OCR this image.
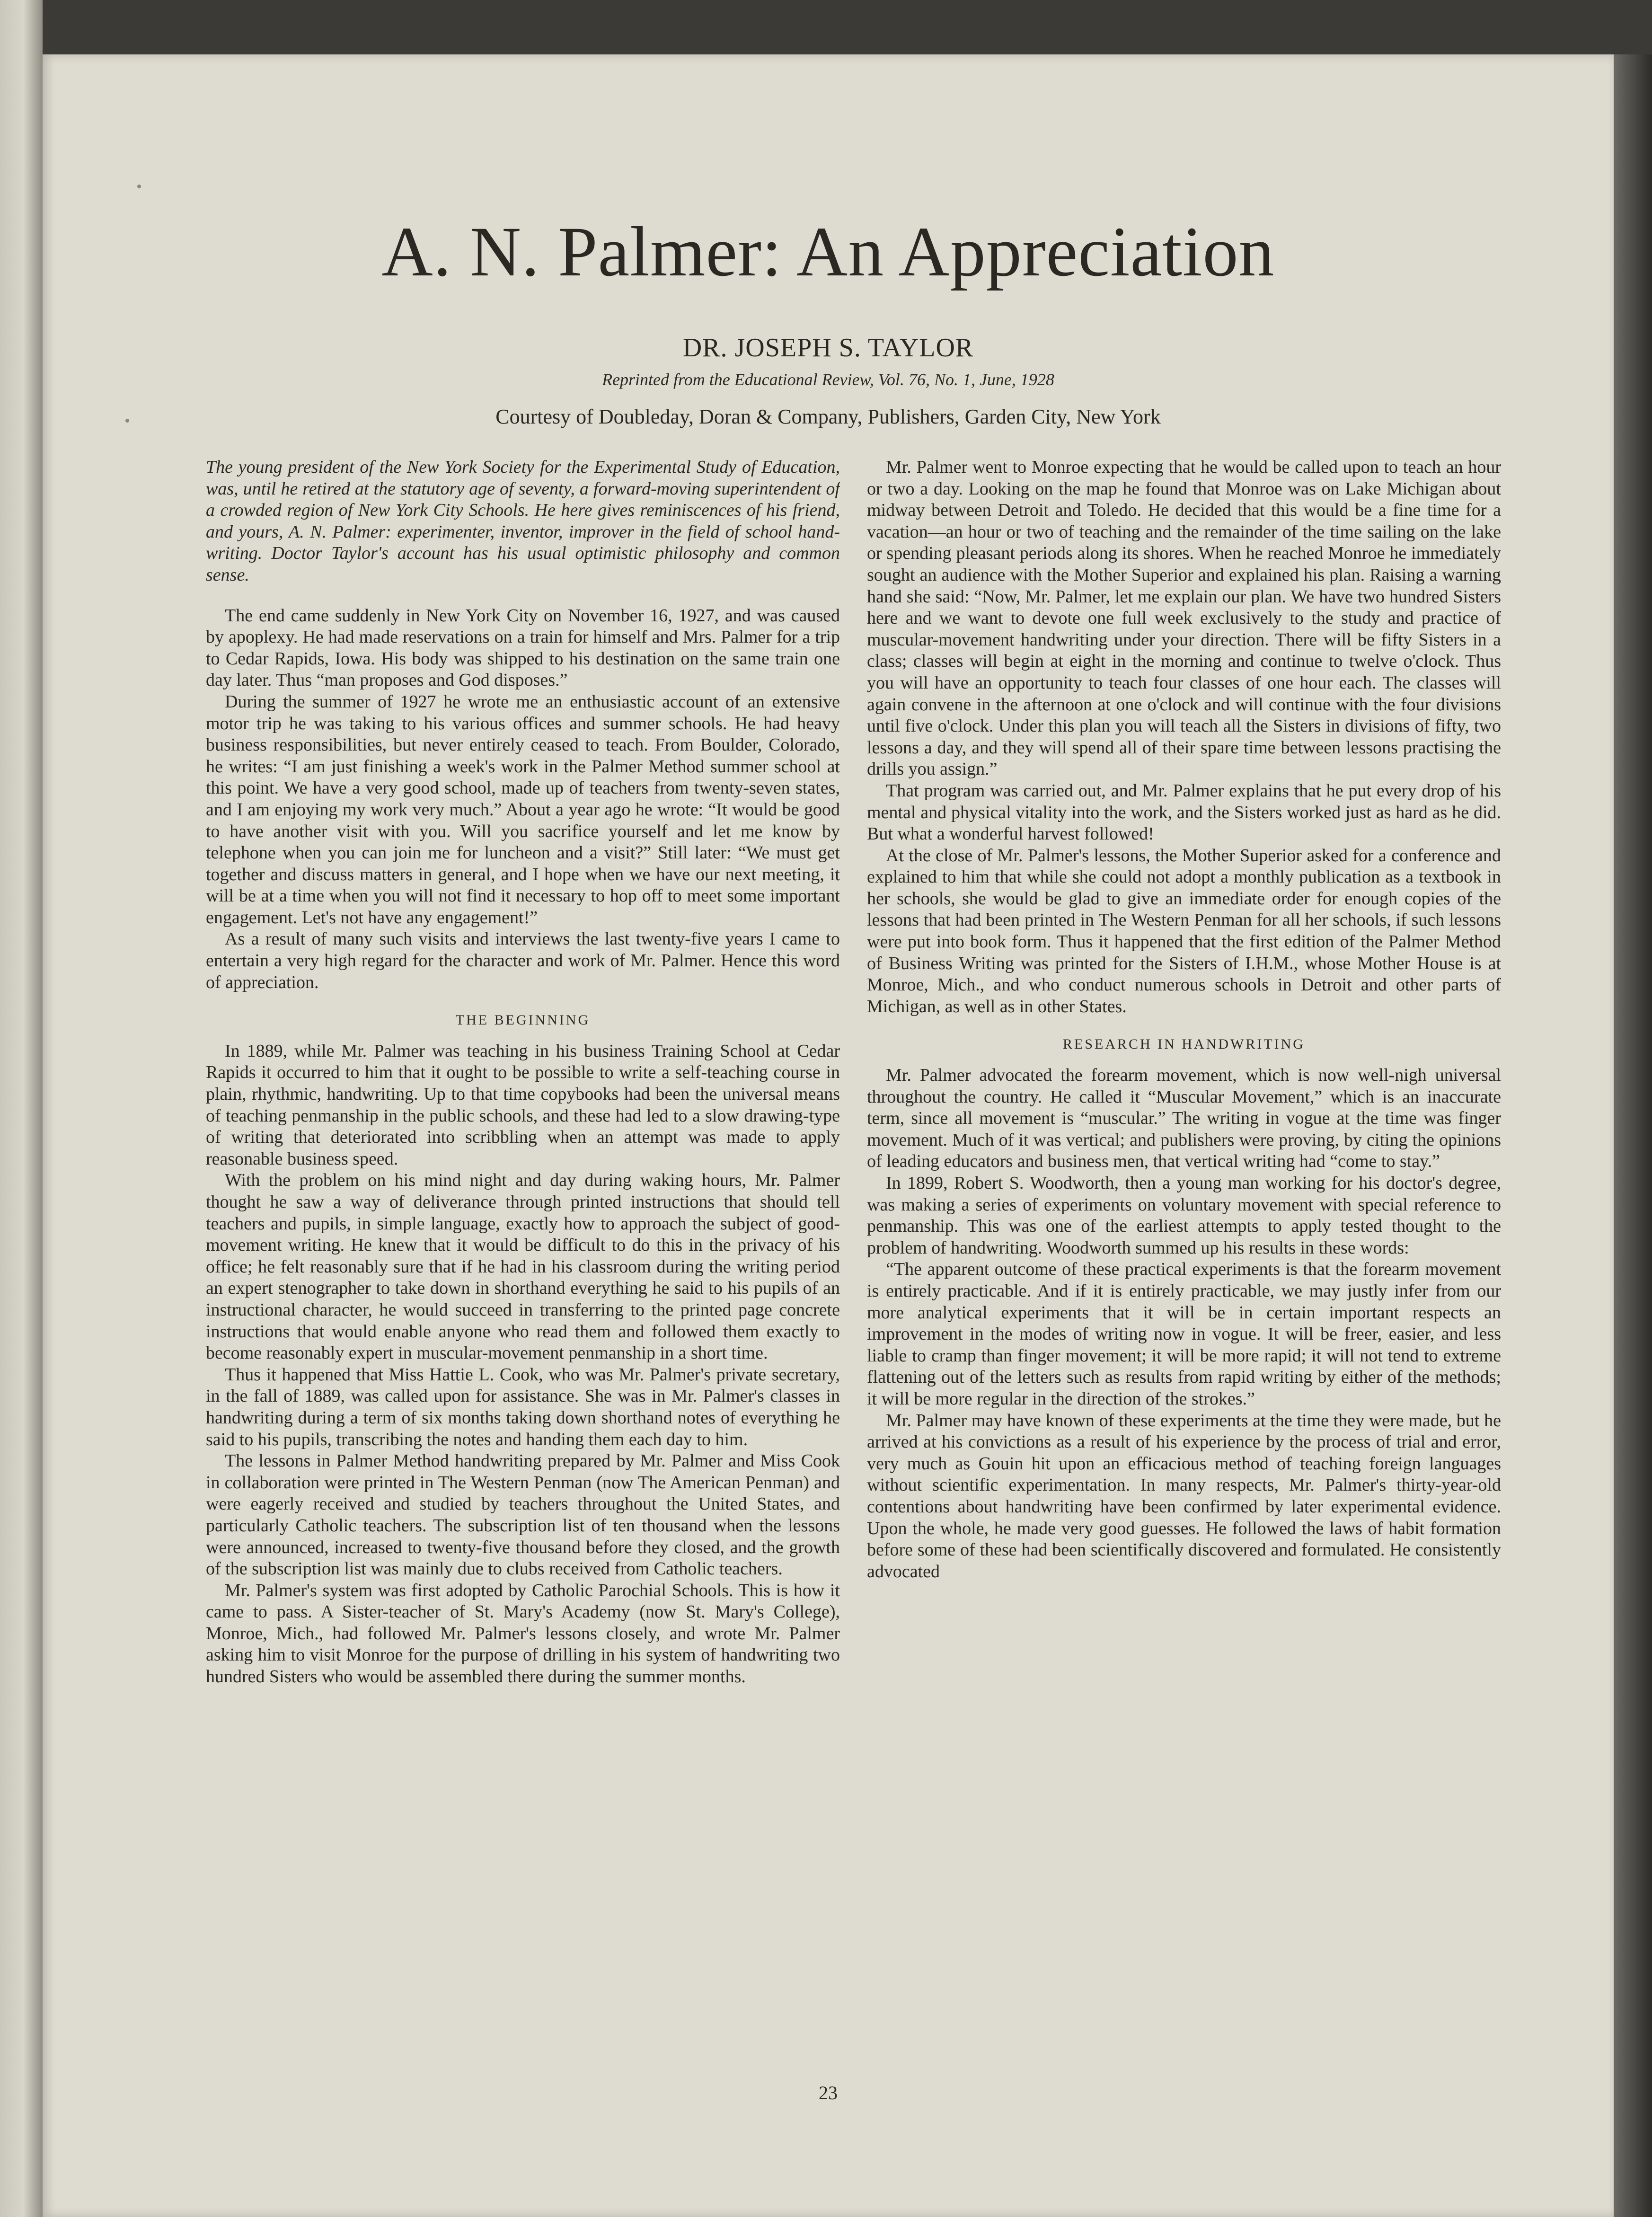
A. N. Palmer: An Appreciation

DR. JOSEPH S. TAYLOR

Reprinted from the Educational Review, Vol. 76, No. 1, June, 1928

Courtesy of Doubleday, Doran & Company, Publishers, Garden City, New York

The young president of the New York Society for the Experimental Study of Education, was, until he retired at the statutory age of seventy, a forward-moving superintendent of a crowded region of New York City Schools. He here gives reminiscences of his friend, and yours, A. N. Palmer: experimenter, inventor, improver in the field of school hand-writing. Doctor Taylor's account has his usual optimistic philosophy and common sense.

The end came suddenly in New York City on November 16, 1927, and was caused by apoplexy. He had made reservations on a train for himself and Mrs. Palmer for a trip to Cedar Rapids, Iowa. His body was shipped to his destination on the same train one day later. Thus “man proposes and God disposes.”

During the summer of 1927 he wrote me an enthusiastic account of an extensive motor trip he was taking to his various offices and summer schools. He had heavy business responsibilities, but never entirely ceased to teach. From Boulder, Colorado, he writes: “I am just finishing a week's work in the Palmer Method summer school at this point. We have a very good school, made up of teachers from twenty-seven states, and I am enjoying my work very much.” About a year ago he wrote: “It would be good to have another visit with you. Will you sacrifice yourself and let me know by telephone when you can join me for luncheon and a visit?” Still later: “We must get together and discuss matters in general, and I hope when we have our next meeting, it will be at a time when you will not find it necessary to hop off to meet some important engagement. Let's not have any engagement!”

As a result of many such visits and interviews the last twenty-five years I came to entertain a very high regard for the character and work of Mr. Palmer. Hence this word of appreciation.

THE BEGINNING

In 1889, while Mr. Palmer was teaching in his business Training School at Cedar Rapids it occurred to him that it ought to be possible to write a self-teaching course in plain, rhythmic, handwriting. Up to that time copybooks had been the universal means of teaching penmanship in the public schools, and these had led to a slow drawing-type of writing that deteriorated into scribbling when an attempt was made to apply reasonable business speed.

With the problem on his mind night and day during waking hours, Mr. Palmer thought he saw a way of deliverance through printed instructions that should tell teachers and pupils, in simple language, exactly how to approach the subject of good-movement writing. He knew that it would be difficult to do this in the privacy of his office; he felt reasonably sure that if he had in his classroom during the writing period an expert stenographer to take down in shorthand everything he said to his pupils of an instructional character, he would succeed in transferring to the printed page concrete instructions that would enable anyone who read them and followed them exactly to become reasonably expert in muscular-movement penmanship in a short time.

Thus it happened that Miss Hattie L. Cook, who was Mr. Palmer's private secretary, in the fall of 1889, was called upon for assistance. She was in Mr. Palmer's classes in handwriting during a term of six months taking down shorthand notes of everything he said to his pupils, transcribing the notes and handing them each day to him.

The lessons in Palmer Method handwriting prepared by Mr. Palmer and Miss Cook in collaboration were printed in The Western Penman (now The American Penman) and were eagerly received and studied by teachers throughout the United States, and particularly Catholic teachers. The subscription list of ten thousand when the lessons were announced, increased to twenty-five thousand before they closed, and the growth of the subscription list was mainly due to clubs received from Catholic teachers.

Mr. Palmer's system was first adopted by Catholic Parochial Schools. This is how it came to pass. A Sister-teacher of St. Mary's Academy (now St. Mary's College), Monroe, Mich., had followed Mr. Palmer's lessons closely, and wrote Mr. Palmer asking him to visit Monroe for the purpose of drilling in his system of handwriting two hundred Sisters who would be assembled there during the summer months.

Mr. Palmer went to Monroe expecting that he would be called upon to teach an hour or two a day. Looking on the map he found that Monroe was on Lake Michigan about midway between Detroit and Toledo. He decided that this would be a fine time for a vacation—an hour or two of teaching and the remainder of the time sailing on the lake or spending pleasant periods along its shores. When he reached Monroe he immediately sought an audience with the Mother Superior and explained his plan. Raising a warning hand she said: “Now, Mr. Palmer, let me explain our plan. We have two hundred Sisters here and we want to devote one full week exclusively to the study and practice of muscular-movement handwriting under your direction. There will be fifty Sisters in a class; classes will begin at eight in the morning and continue to twelve o'clock. Thus you will have an opportunity to teach four classes of one hour each. The classes will again convene in the afternoon at one o'clock and will continue with the four divisions until five o'clock. Under this plan you will teach all the Sisters in divisions of fifty, two lessons a day, and they will spend all of their spare time between lessons practising the drills you assign.”

That program was carried out, and Mr. Palmer explains that he put every drop of his mental and physical vitality into the work, and the Sisters worked just as hard as he did. But what a wonderful harvest followed!

At the close of Mr. Palmer's lessons, the Mother Superior asked for a conference and explained to him that while she could not adopt a monthly publication as a textbook in her schools, she would be glad to give an immediate order for enough copies of the lessons that had been printed in The Western Penman for all her schools, if such lessons were put into book form. Thus it happened that the first edition of the Palmer Method of Business Writing was printed for the Sisters of I.H.M., whose Mother House is at Monroe, Mich., and who conduct numerous schools in Detroit and other parts of Michigan, as well as in other States.

RESEARCH IN HANDWRITING

Mr. Palmer advocated the forearm movement, which is now well-nigh universal throughout the country. He called it “Muscular Movement,” which is an inaccurate term, since all movement is “muscular.” The writing in vogue at the time was finger movement. Much of it was vertical; and publishers were proving, by citing the opinions of leading educators and business men, that vertical writing had “come to stay.”

In 1899, Robert S. Woodworth, then a young man working for his doctor's degree, was making a series of experiments on voluntary movement with special reference to penmanship. This was one of the earliest attempts to apply tested thought to the problem of handwriting. Woodworth summed up his results in these words:

“The apparent outcome of these practical experiments is that the forearm movement is entirely practicable. And if it is entirely practicable, we may justly infer from our more analytical experiments that it will be in certain important respects an improvement in the modes of writing now in vogue. It will be freer, easier, and less liable to cramp than finger movement; it will be more rapid; it will not tend to extreme flattening out of the letters such as results from rapid writing by either of the methods; it will be more regular in the direction of the strokes.”

Mr. Palmer may have known of these experiments at the time they were made, but he arrived at his convictions as a result of his experience by the process of trial and error, very much as Gouin hit upon an efficacious method of teaching foreign languages without scientific experimentation. In many respects, Mr. Palmer's thirty-year-old contentions about handwriting have been confirmed by later experimental evidence. Upon the whole, he made very good guesses. He followed the laws of habit formation before some of these had been scientifically discovered and formulated. He consistently advocated

23
